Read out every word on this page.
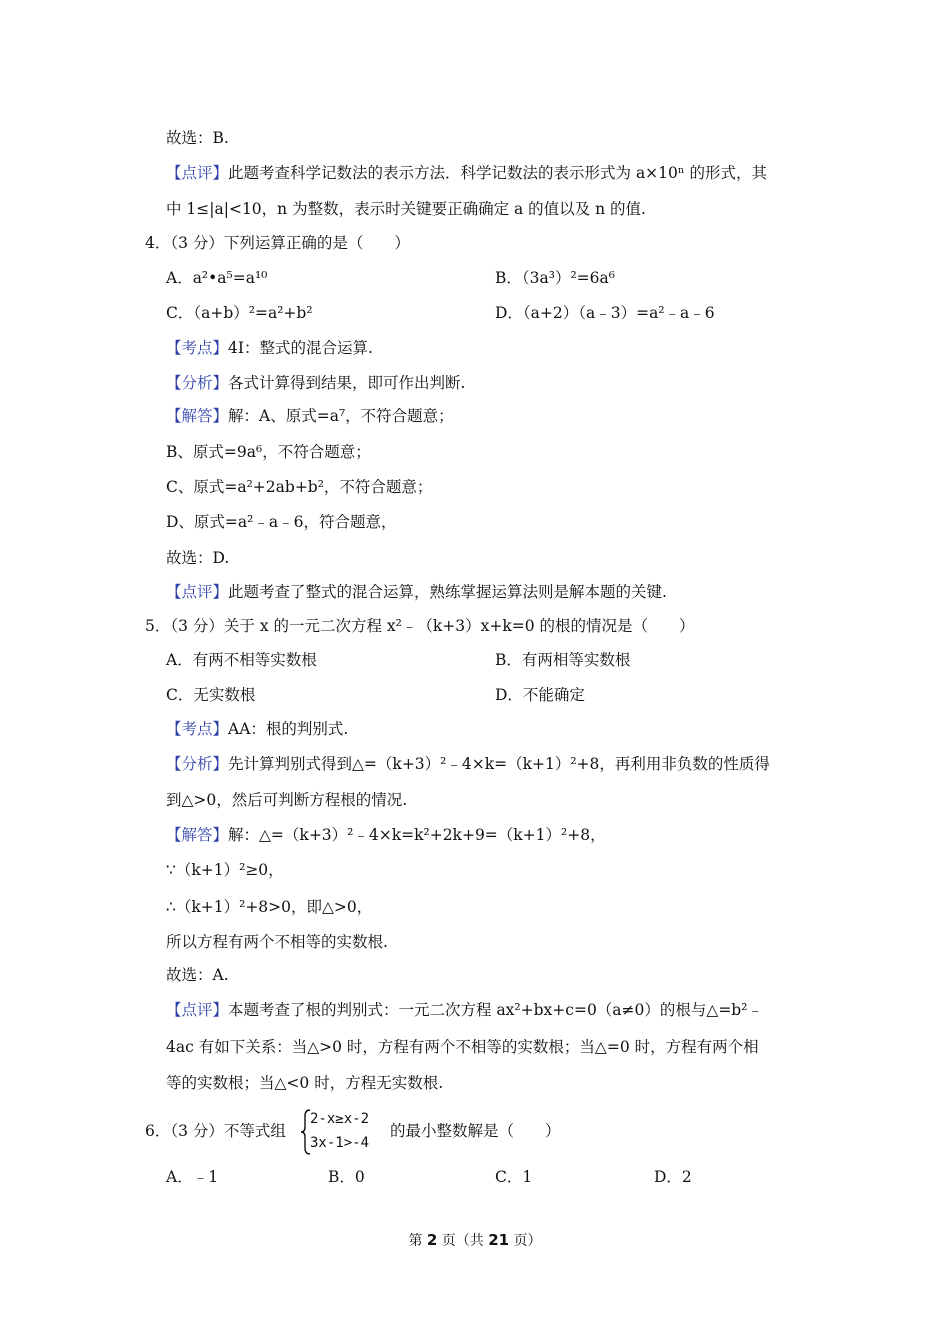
故选：B.
【点评】此题考查科学记数法的表示方法．科学记数法的表示形式为 a×10ⁿ 的形式，其
中 1≤|a|<10，n 为整数，表示时关键要正确确定 a 的值以及 n 的值.
4．（3 分）下列运算正确的是（　　）
A．a²•a⁵=a¹⁰	B．（3a³）²=6a⁶
C．（a+b）²=a²+b²	D．（a+2）（a﹣3）=a²﹣a﹣6
【考点】4I：整式的混合运算.
【分析】各式计算得到结果，即可作出判断.
【解答】解：A、原式=a⁷，不符合题意；
B、原式=9a⁶，不符合题意；
C、原式=a²+2ab+b²，不符合题意；
D、原式=a²﹣a﹣6，符合题意，
故选：D.
【点评】此题考查了整式的混合运算，熟练掌握运算法则是解本题的关键.
5．（3 分）关于 x 的一元二次方程 x²﹣（k+3）x+k=0 的根的情况是（　　）
A．有两不相等实数根	B．有两相等实数根
C．无实数根	D．不能确定
【考点】AA：根的判别式.
【分析】先计算判别式得到△=（k+3）²﹣4×k=（k+1）²+8，再利用非负数的性质得
到△>0，然后可判断方程根的情况.
【解答】解：△=（k+3）²﹣4×k=k²+2k+9=（k+1）²+8，
∵（k+1）²≥0，
∴（k+1）²+8>0，即△>0，
所以方程有两个不相等的实数根.
故选：A.
【点评】本题考查了根的判别式：一元二次方程 ax²+bx+c=0（a≠0）的根与△=b²﹣
4ac 有如下关系：当△>0 时，方程有两个不相等的实数根；当△=0 时，方程有两个相
等的实数根；当△<0 时，方程无实数根.
6．（3 分）不等式组
2-x≥x-2
3x-1>-4
的最小整数解是（　　）
A．﹣1	B．0	C．1	D．2
第 2 页（共 21 页）
